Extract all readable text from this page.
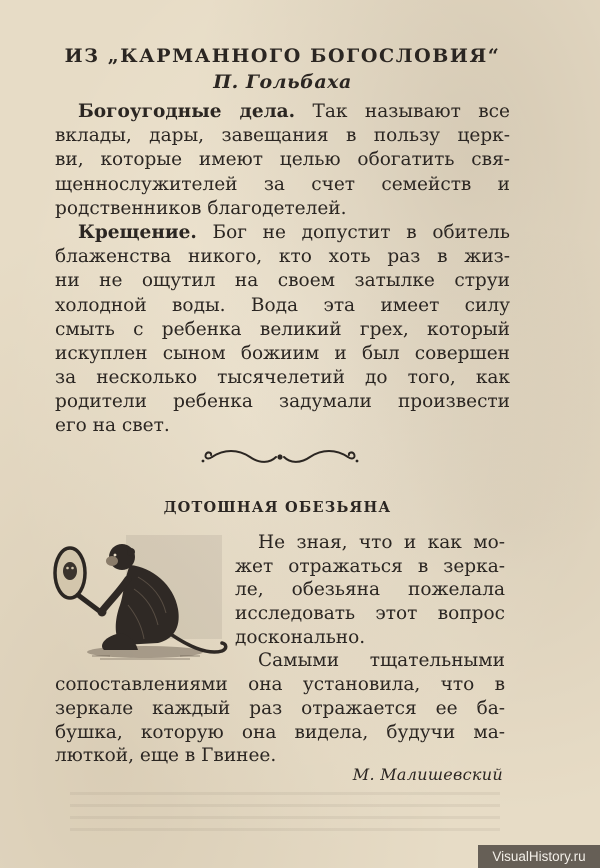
ИЗ „КАРМАННОГО БОГОСЛОВИЯ“
П. Гольбаха
Богоугодные дела. Так называют все
вклады, дары, завещания в пользу церк-
ви, которые имеют целью обогатить свя-
щеннослужителей за счет семейств и
родственников благодетелей.
Крещение. Бог не допустит в обитель
блаженства никого, кто хоть раз в жиз-
ни не ощутил на своем затылке струи
холодной воды. Вода эта имеет силу
смыть с ребенка великий грех, который
искуплен сыном божиим и был совершен
за несколько тысячелетий до того, как
родители ребенка задумали произвести
его на свет.
ДОТОШНАЯ ОБЕЗЬЯНА
Не зная, что и как мо-
жет отражаться в зерка-
ле, обезьяна пожелала
исследовать этот вопрос
досконально.
Самыми тщательными
сопоставлениями она установила, что в
зеркале каждый раз отражается ее ба-
бушка, которую она видела, будучи ма-
люткой, еще в Гвинее.
М. Малишевский
VisualHistory.ru
